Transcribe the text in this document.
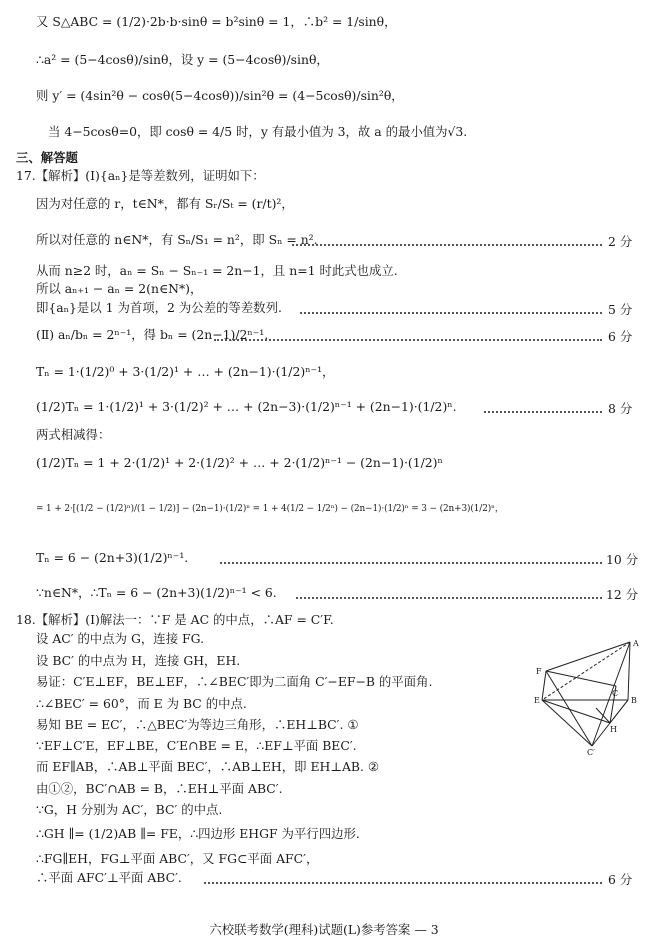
又 S△ABC = (1/2)·2b·b·sinθ = b²sinθ = 1，∴b² = 1/sinθ，
∴a² = (5−4cosθ)/sinθ，设 y = (5−4cosθ)/sinθ，
则 y′ = (4sin²θ − cosθ(5−4cosθ))/sin²θ = (4−5cosθ)/sin²θ，
当 4−5cosθ=0，即 cosθ = 4/5 时，y 有最小值为 3，故 a 的最小值为√3.
三、解答题
17.【解析】(Ⅰ){aₙ}是等差数列，证明如下：
因为对任意的 r，t∈N*，都有 Sᵣ/Sₜ = (r/t)²，
所以对任意的 n∈N*，有 Sₙ/S₁ = n²，即 Sₙ = n².
从而 n≥2 时，aₙ = Sₙ − Sₙ₋₁ = 2n−1，且 n=1 时此式也成立.
所以 aₙ₊₁ − aₙ = 2(n∈N*)，
即{aₙ}是以 1 为首项，2 为公差的等差数列.
(Ⅱ) aₙ/bₙ = 2ⁿ⁻¹，得 bₙ = (2n−1)/2ⁿ⁻¹.
Tₙ = 1·(1/2)⁰ + 3·(1/2)¹ + … + (2n−1)·(1/2)ⁿ⁻¹，
(1/2)Tₙ = 1·(1/2)¹ + 3·(1/2)² + … + (2n−3)·(1/2)ⁿ⁻¹ + (2n−1)·(1/2)ⁿ.
两式相减得：
(1/2)Tₙ = 1 + 2·(1/2)¹ + 2·(1/2)² + … + 2·(1/2)ⁿ⁻¹ − (2n−1)·(1/2)ⁿ
= 1 + 2·[(1/2 − (1/2)ⁿ)/(1 − 1/2)] − (2n−1)·(1/2)ⁿ = 1 + 4(1/2 − 1/2ⁿ) − (2n−1)·(1/2)ⁿ = 3 − (2n+3)(1/2)ⁿ，
Tₙ = 6 − (2n+3)(1/2)ⁿ⁻¹.
∵n∈N*，∴Tₙ = 6 − (2n+3)(1/2)ⁿ⁻¹ < 6.
18.【解析】(Ⅰ)解法一：∵F 是 AC 的中点，∴AF = C′F.
设 AC′ 的中点为 G，连接 FG.
设 BC′ 的中点为 H，连接 GH，EH.
易证：C′E⊥EF，BE⊥EF，∴∠BEC′即为二面角 C′−EF−B 的平面角.
∴∠BEC′ = 60°，而 E 为 BC 的中点.
易知 BE = EC′，∴△BEC′为等边三角形，∴EH⊥BC′. ①
∵EF⊥C′E，EF⊥BE，C′E∩BE = E，∴EF⊥平面 BEC′.
而 EF∥AB，∴AB⊥平面 BEC′，∴AB⊥EH，即 EH⊥AB. ②
由①②，BC′∩AB = B，∴EH⊥平面 ABC′.
∵G，H 分别为 AC′，BC′ 的中点.
∴GH ∥= (1/2)AB ∥= FE，∴四边形 EHGF 为平行四边形.
∴FG∥EH，FG⊥平面 ABC′，又 FG⊂平面 AFC′，
∴平面 AFC′⊥平面 ABC′.
2 分
5 分
6 分
8 分
10 分
12 分
6 分
F
A
C
E	B
H
C′
六校联考数学(理科)试题(L)参考答案 — 3
